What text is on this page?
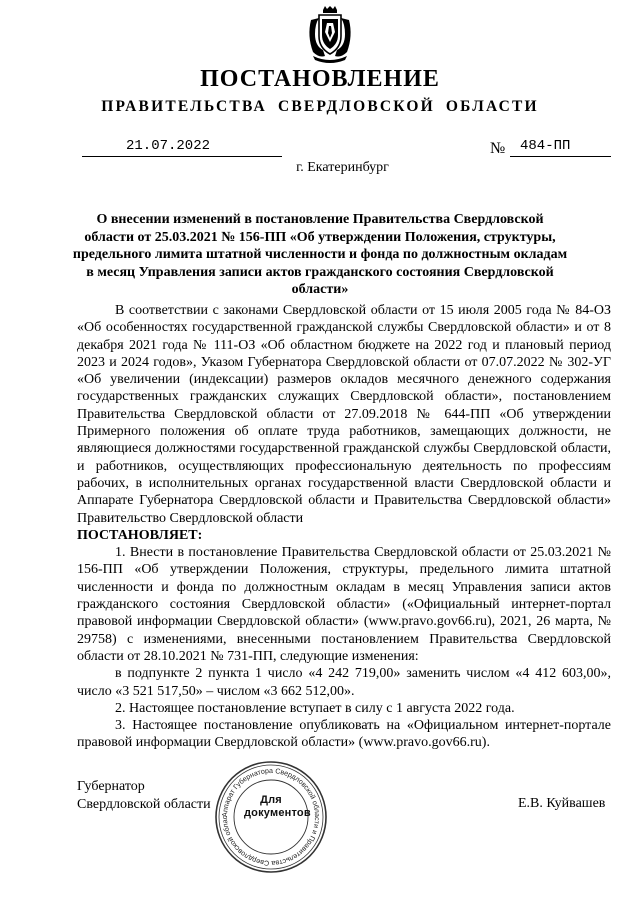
ПОСТАНОВЛЕНИЕ
ПРАВИТЕЛЬСТВА СВЕРДЛОВСКОЙ ОБЛАСТИ
21.07.2022	№ 484-ПП
г. Екатеринбург
О внесении изменений в постановление Правительства Свердловской области от 25.03.2021 № 156-ПП «Об утверждении Положения, структуры, предельного лимита штатной численности и фонда по должностным окладам в месяц Управления записи актов гражданского состояния Свердловской области»

В соответствии с законами Свердловской области от 15 июля 2005 года № 84-ОЗ «Об особенностях государственной гражданской службы Свердловской области» и от 8 декабря 2021 года № 111-ОЗ «Об областном бюджете на 2022 год и плановый период 2023 и 2024 годов», Указом Губернатора Свердловской области от 07.07.2022 № 302-УГ «Об увеличении (индексации) размеров окладов месячного денежного содержания государственных гражданских служащих Свердловской области», постановлением Правительства Свердловской области от 27.09.2018 № 644-ПП «Об утверждении Примерного положения об оплате труда работников, замещающих должности, не являющиеся должностями государственной гражданской службы Свердловской области, и работников, осуществляющих профессиональную деятельность по профессиям рабочих, в исполнительных органах государственной власти Свердловской области и Аппарате Губернатора Свердловской области и Правительства Свердловской области» Правительство Свердловской области

ПОСТАНОВЛЯЕТ:

1. Внести в постановление Правительства Свердловской области от 25.03.2021 № 156-ПП «Об утверждении Положения, структуры, предельного лимита штатной численности и фонда по должностным окладам в месяц Управления записи актов гражданского состояния Свердловской области» («Официальный интернет-портал правовой информации Свердловской области» (www.pravo.gov66.ru), 2021, 26 марта, № 29758) с изменениями, внесенными постановлением Правительства Свердловской области от 28.10.2021 № 731-ПП, следующие изменения:

в подпункте 2 пункта 1 число «4 242 719,00» заменить числом «4 412 603,00», число «3 521 517,50» – числом «3 662 512,00».

2. Настоящее постановление вступает в силу с 1 августа 2022 года.

3. Настоящее постановление опубликовать на «Официальном интернет-портале правовой информации Свердловской области» (www.pravo.gov66.ru).

Губернатор
Свердловской области	Е.В. Куйвашев
Аппарат Губернатора Свердловской области и Правительства Свердловской облас
Для
документов
